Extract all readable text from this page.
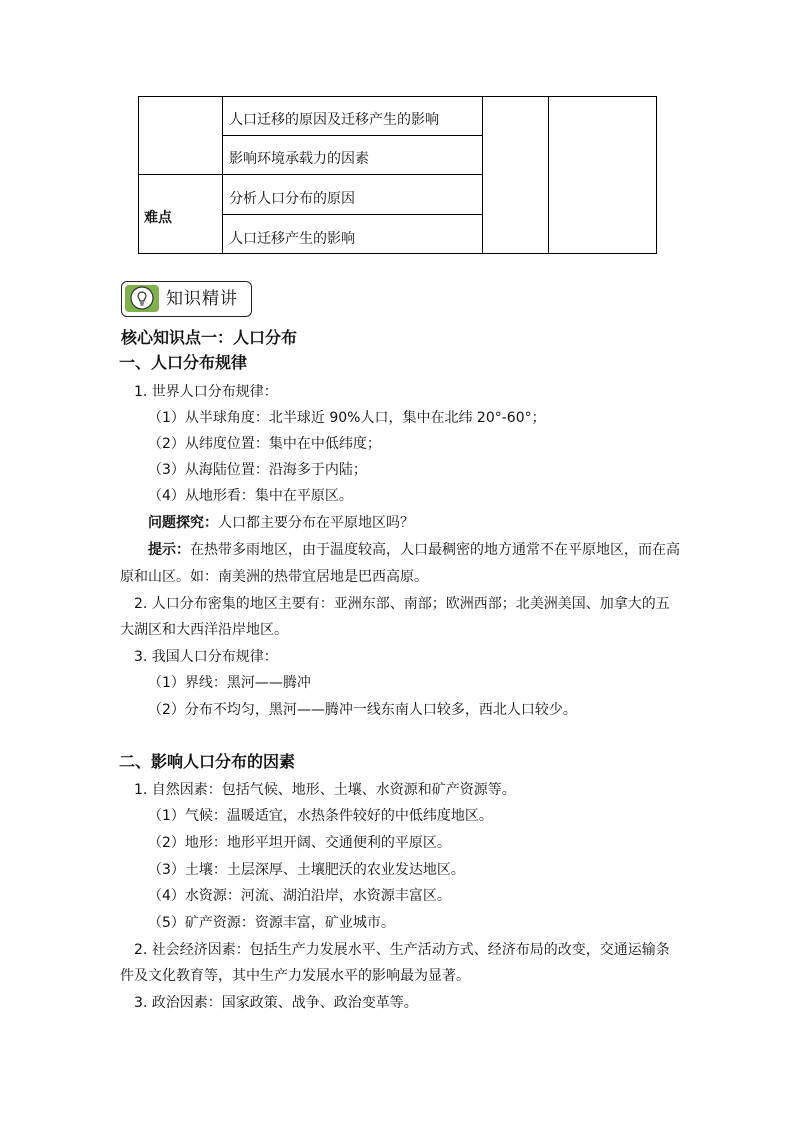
人口迁移的原因及迁移产生的影响
影响环境承载力的因素
难点
分析人口分布的原因
人口迁移产生的影响
知识精讲
核心知识点一：人口分布
一、人口分布规律
1. 世界人口分布规律：
（1）从半球角度：北半球近 90%人口，集中在北纬 20°-60°；
（2）从纬度位置：集中在中低纬度；
（3）从海陆位置：沿海多于内陆；
（4）从地形看：集中在平原区。
问题探究：人口都主要分布在平原地区吗？
提示：在热带多雨地区，由于温度较高，人口最稠密的地方通常不在平原地区，而在高
原和山区。如：南美洲的热带宜居地是巴西高原。
2. 人口分布密集的地区主要有：亚洲东部、南部；欧洲西部；北美洲美国、加拿大的五
大湖区和大西洋沿岸地区。
3. 我国人口分布规律：
（1）界线：黑河——腾冲
（2）分布不均匀，黑河——腾冲一线东南人口较多，西北人口较少。
二、影响人口分布的因素
1. 自然因素：包括气候、地形、土壤、水资源和矿产资源等。
（1）气候：温暖适宜，水热条件较好的中低纬度地区。
（2）地形：地形平坦开阔、交通便利的平原区。
（3）土壤：土层深厚、土壤肥沃的农业发达地区。
（4）水资源：河流、湖泊沿岸，水资源丰富区。
（5）矿产资源：资源丰富，矿业城市。
2. 社会经济因素：包括生产力发展水平、生产活动方式、经济布局的改变，交通运输条
件及文化教育等，其中生产力发展水平的影响最为显著。
3. 政治因素：国家政策、战争、政治变革等。
